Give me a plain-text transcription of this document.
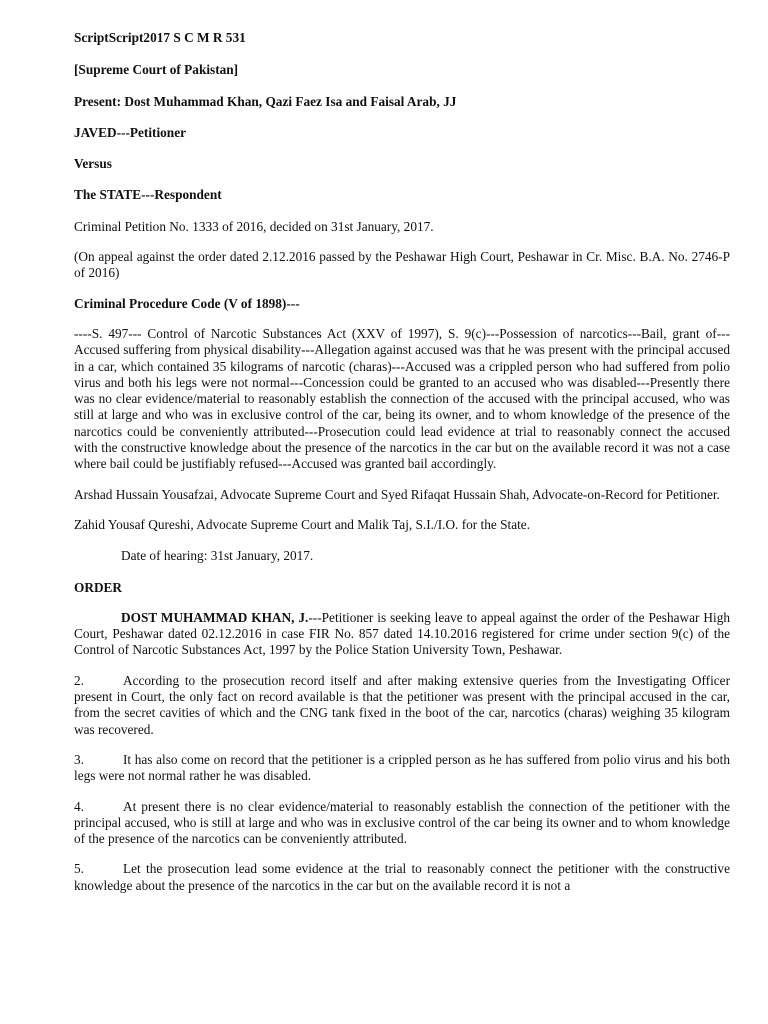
ScriptScript2017 S C M R 531

[Supreme Court of Pakistan]

Present: Dost Muhammad Khan, Qazi Faez Isa and Faisal Arab, JJ

JAVED---Petitioner

Versus

The STATE---Respondent

Criminal Petition No. 1333 of 2016, decided on 31st January, 2017.

(On appeal against the order dated 2.12.2016 passed by the Peshawar High Court, Peshawar in Cr. Misc. B.A. No. 2746-P of 2016)

Criminal Procedure Code (V of 1898)---

----S. 497--- Control of Narcotic Substances Act (XXV of 1997), S. 9(c)---Possession of narcotics---Bail, grant of---Accused suffering from physical disability---Allegation against accused was that he was present with the principal accused in a car, which contained 35 kilograms of narcotic (charas)---Accused was a crippled person who had suffered from polio virus and both his legs were not normal---Concession could be granted to an accused who was disabled---Presently there was no clear evidence/material to reasonably establish the connection of the accused with the principal accused, who was still at large and who was in exclusive control of the car, being its owner, and to whom knowledge of the presence of the narcotics could be conveniently attributed---Prosecution could lead evidence at trial to reasonably connect the accused with the constructive knowledge about the presence of the narcotics in the car but on the available record it was not a case where bail could be justifiably refused---Accused was granted bail accordingly.

Arshad Hussain Yousafzai, Advocate Supreme Court and Syed Rifaqat Hussain Shah, Advocate-on-Record for Petitioner.

Zahid Yousaf Qureshi, Advocate Supreme Court and Malik Taj, S.I./I.O. for the State.

Date of hearing: 31st January, 2017.

ORDER

DOST MUHAMMAD KHAN, J.---Petitioner is seeking leave to appeal against the order of the Peshawar High Court, Peshawar dated 02.12.2016 in case FIR No. 857 dated 14.10.2016 registered for crime under section 9(c) of the Control of Narcotic Substances Act, 1997 by the Police Station University Town, Peshawar.

2.	According to the prosecution record itself and after making extensive queries from the Investigating Officer present in Court, the only fact on record available is that the petitioner was present with the principal accused in the car, from the secret cavities of which and the CNG tank fixed in the boot of the car, narcotics (charas) weighing 35 kilogram was recovered.

3.	It has also come on record that the petitioner is a crippled person as he has suffered from polio virus and his both legs were not normal rather he was disabled.

4.	At present there is no clear evidence/material to reasonably establish the connection of the petitioner with the principal accused, who is still at large and who was in exclusive control of the car being its owner and to whom knowledge of the presence of the narcotics can be conveniently attributed.

5.	Let the prosecution lead some evidence at the trial to reasonably connect the petitioner with the constructive knowledge about the presence of the narcotics in the car but on the available record it is not a
